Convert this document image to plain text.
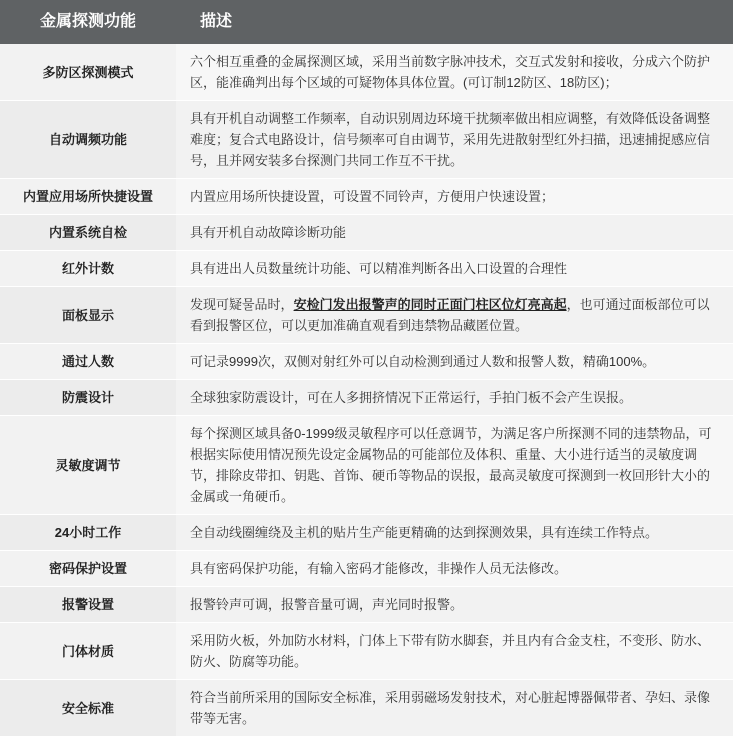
金属探测功能	描述
多防区探测模式	六个相互重叠的金属探测区域，采用当前数字脉冲技术，交互式发射和接收，分成六个防护区，能准确判出每个区域的可疑物体具体位置。(可订制12防区、18防区)；
自动调频功能	具有开机自动调整工作频率，自动识别周边环境干扰频率做出相应调整，有效降低设备调整难度；复合式电路设计，信号频率可自由调节，采用先进散射型红外扫描，迅速捕捉感应信号，且并网安装多台探测门共同工作互不干扰。
内置应用场所快捷设置	内置应用场所快捷设置，可设置不同铃声，方便用户快速设置；
内置系统自检	具有开机自动故障诊断功能
红外计数	具有进出人员数量统计功能、可以精准判断各出入口设置的合理性
面板显示	发现可疑물品时，安检门发出报警声的同时正面门柱区位灯亮高起，也可通过面板部位可以看到报警区位，可以更加准确直观看到违禁物品藏匿位置。
通过人数	可记录9999次，双侧对射红外可以自动检测到通过人数和报警人数，精确100%。
防震设计	全球独家防震设计，可在人多拥挤情况下正常运行，手拍门板不会产生误报。
灵敏度调节	每个探测区域具备0-1999级灵敏程序可以任意调节，为满足客户所探测不同的违禁物品，可根据实际使用情况预先设定金属物品的可能部位及体积、重量、大小进行适当的灵敏度调节，排除皮带扣、钥匙、首饰、硬币等物品的误报，最高灵敏度可探测到一枚回形针大小的金属或一角硬币。
24小时工作	全自动线圈缠绕及主机的贴片生产能更精确的达到探测效果，具有连续工作特点。
密码保护设置	具有密码保护功能，有输入密码才能修改，非操作人员无法修改。
报警设置	报警铃声可调，报警音量可调，声光同时报警。
门体材质	采用防火板，外加防水材料，门体上下带有防水脚套，并且内有合金支柱，不变形、防水、防火、防腐等功能。
安全标准	符合当前所采用的国际安全标准，采用弱磁场发射技术，对心脏起博器佩带者、孕妇、录像带等无害。
